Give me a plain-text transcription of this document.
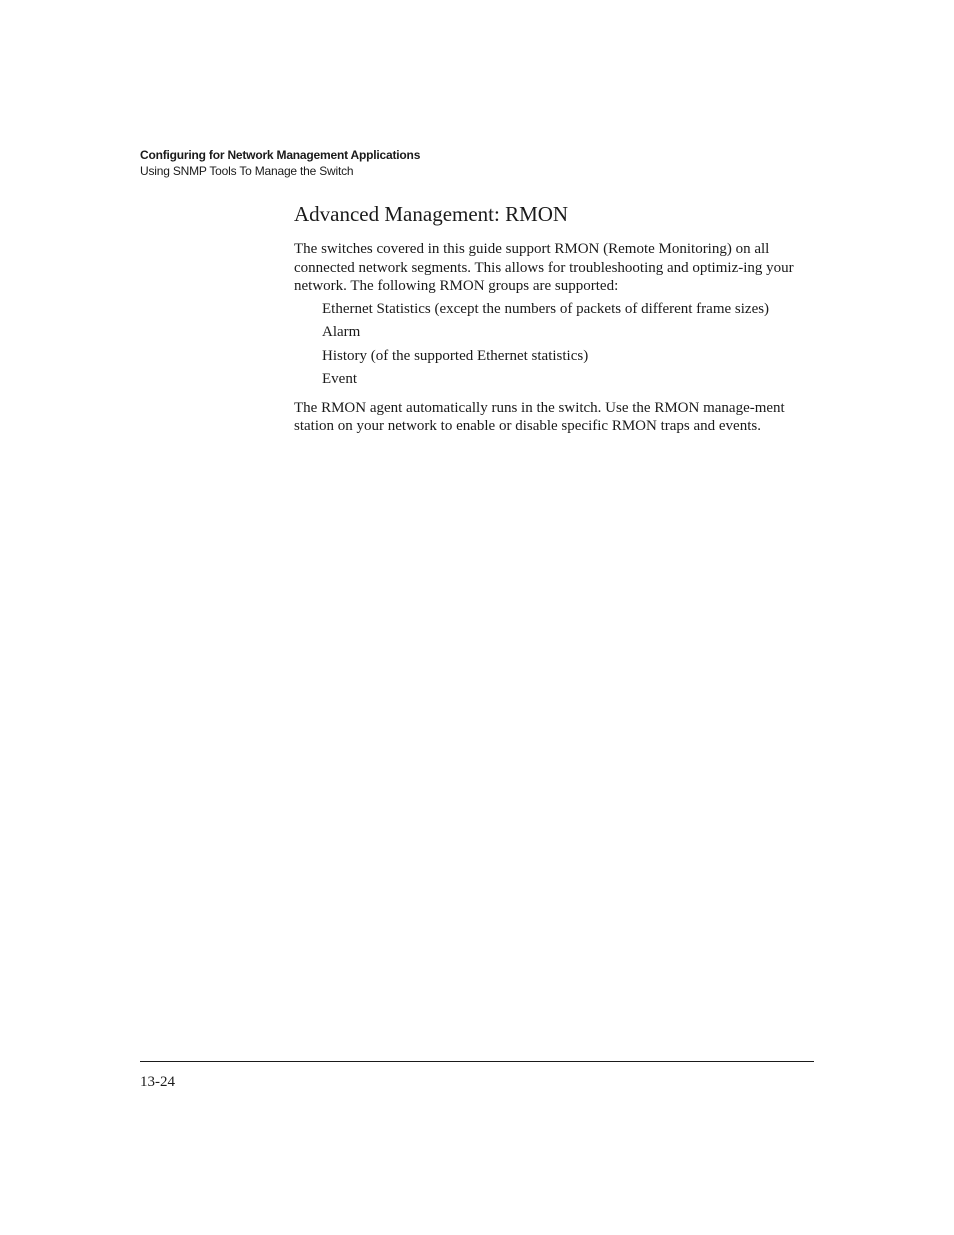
Configuring for Network Management Applications
Using SNMP Tools To Manage the Switch
Advanced Management: RMON

The switches covered in this guide support RMON (Remote Monitoring) on all connected network segments. This allows for troubleshooting and optimiz-ing your network. The following RMON groups are supported:

Ethernet Statistics (except the numbers of packets of different frame sizes)
Alarm
History (of the supported Ethernet statistics)
Event

The RMON agent automatically runs in the switch. Use the RMON manage-ment station on your network to enable or disable specific RMON traps and events.

13-24
